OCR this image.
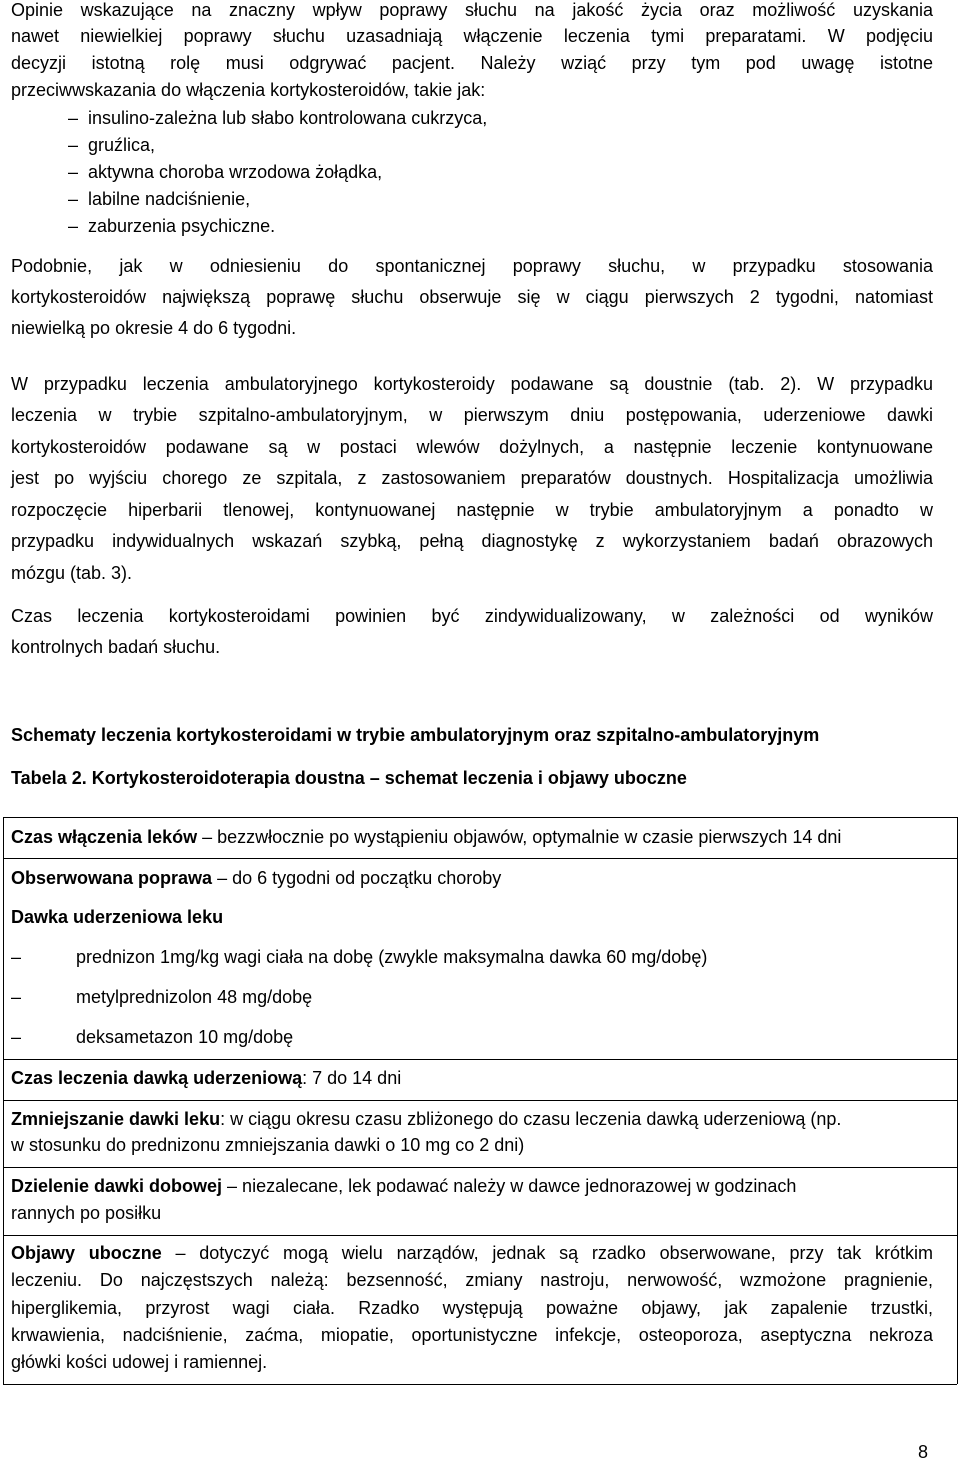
Opinie wskazujące na znaczny wpływ poprawy słuchu na jakość życia oraz możliwość uzyskania

nawet niewielkiej poprawy słuchu uzasadniają włączenie leczenia tymi preparatami. W podjęciu

decyzji istotną rolę musi odgrywać pacjent. Należy wziąć przy tym pod uwagę istotne

przeciwwskazania do włączenia kortykosteroidów, takie jak:

– insulino-zależna lub słabo kontrolowana cukrzyca,
– gruźlica,
– aktywna choroba wrzodowa żołądka,
– labilne nadciśnienie,
– zaburzenia psychiczne.

Podobnie, jak w odniesieniu do spontanicznej poprawy słuchu, w przypadku stosowania

kortykosteroidów największą poprawę słuchu obserwuje się w ciągu pierwszych 2 tygodni, natomiast

niewielką po okresie 4 do 6 tygodni.

W przypadku leczenia ambulatoryjnego kortykosteroidy podawane są doustnie (tab. 2). W przypadku

leczenia w trybie szpitalno-ambulatoryjnym, w pierwszym dniu postępowania, uderzeniowe dawki

kortykosteroidów podawane są w postaci wlewów dożylnych, a następnie leczenie kontynuowane

jest po wyjściu chorego ze szpitala, z zastosowaniem preparatów doustnych. Hospitalizacja umożliwia

rozpoczęcie hiperbarii tlenowej, kontynuowanej następnie w trybie ambulatoryjnym a ponadto w

przypadku indywidualnych wskazań szybką, pełną diagnostykę z wykorzystaniem badań obrazowych

mózgu (tab. 3).

Czas leczenia kortykosteroidami powinien być zindywidualizowany, w zależności od wyników

kontrolnych badań słuchu.

Schematy leczenia kortykosteroidami w trybie ambulatoryjnym oraz szpitalno-ambulatoryjnym

Tabela 2. Kortykosteroidoterapia doustna – schemat leczenia i objawy uboczne

Czas włączenia leków – bezzwłocznie po wystąpieniu objawów, optymalnie w czasie pierwszych 14 dni
Obserwowana poprawa – do 6 tygodni od początku choroby
Dawka uderzeniowa leku
–	prednizon 1mg/kg wagi ciała na dobę (zwykle maksymalna dawka 60 mg/dobę)
–	metylprednizolon 48 mg/dobę
–	deksametazon 10 mg/dobę
Czas leczenia dawką uderzeniową: 7 do 14 dni
Zmniejszanie dawki leku: w ciągu okresu czasu zbliżonego do czasu leczenia dawką uderzeniową (np.
w stosunku do prednizonu zmniejszania dawki o 10 mg co 2 dni)
Dzielenie dawki dobowej – niezalecane, lek podawać należy w dawce jednorazowej w godzinach
rannych po posiłku
Objawy uboczne – dotyczyć mogą wielu narządów, jednak są rzadko obserwowane, przy tak krótkim
leczeniu. Do najczęstszych należą: bezsenność, zmiany nastroju, nerwowość, wzmożone pragnienie,
hiperglikemia, przyrost wagi ciała. Rzadko występują poważne objawy, jak zapalenie trzustki,
krwawienia, nadciśnienie, zaćma, miopatie, oportunistyczne infekcje, osteoporoza, aseptyczna nekroza
główki kości udowej i ramiennej.
8
